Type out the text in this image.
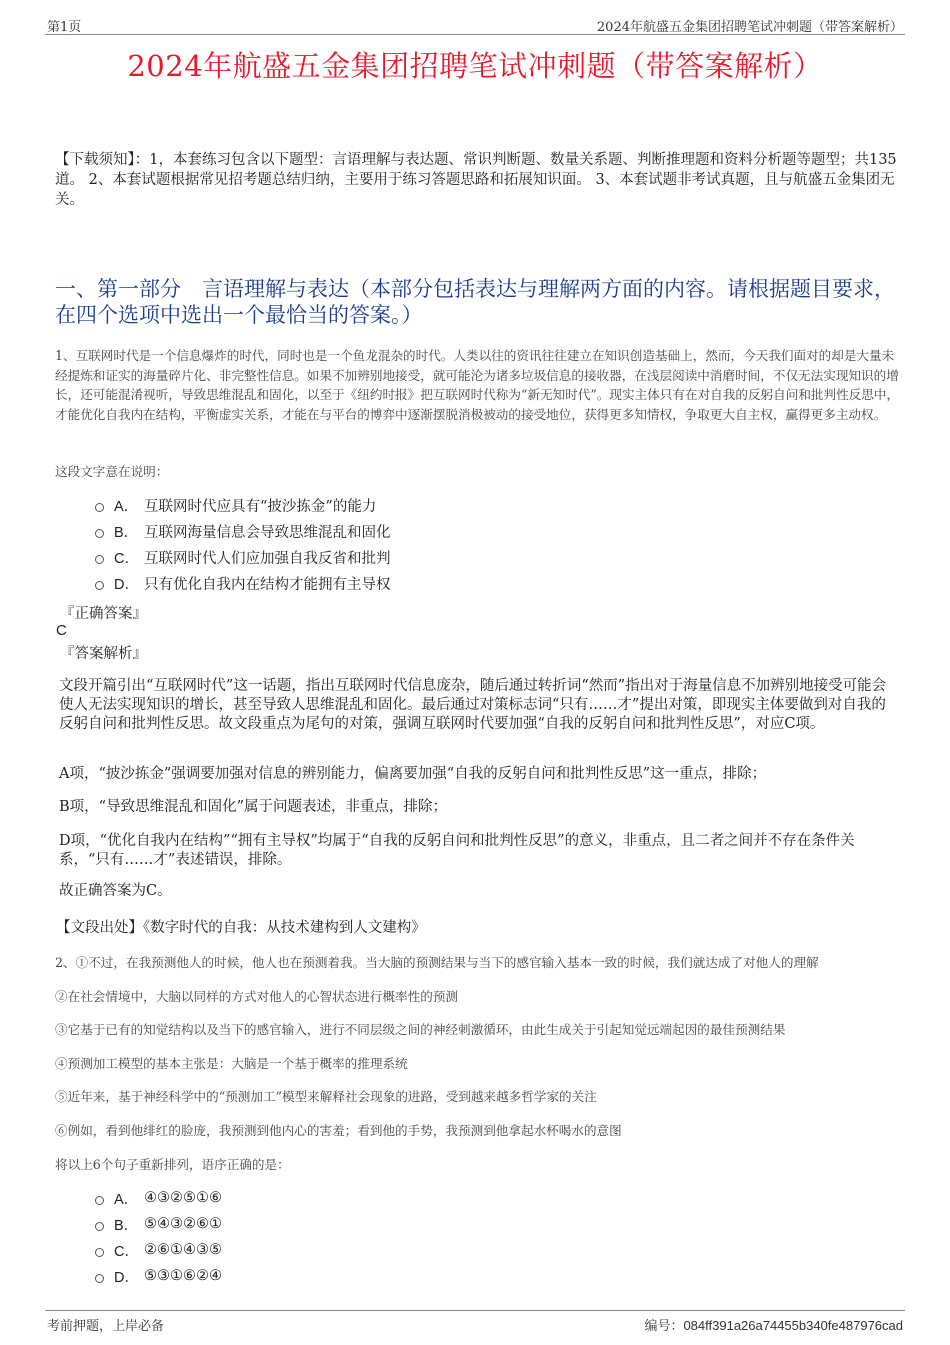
第1页	2024年航盛五金集团招聘笔试冲刺题（带答案解析）
2024年航盛五金集团招聘笔试冲刺题（带答案解析）
【下载须知】：1，本套练习包含以下题型：言语理解与表达题、常识判断题、数量关系题、判断推理题和资料分析题等题型；共135道。 2、本套试题根据常见招考题总结归纳，主要用于练习答题思路和拓展知识面。 3、本套试题非考试真题，且与航盛五金集团无关。
一、第一部分　言语理解与表达（本部分包括表达与理解两方面的内容。请根据题目要求，在四个选项中选出一个最恰当的答案。）
1、互联网时代是一个信息爆炸的时代，同时也是一个鱼龙混杂的时代。人类以往的资讯往往建立在知识创造基础上，然而，今天我们面对的却是大量未经提炼和证实的海量碎片化、非完整性信息。如果不加辨别地接受，就可能沦为诸多垃圾信息的接收器，在浅层阅读中消磨时间，不仅无法实现知识的增长，还可能混淆视听，导致思维混乱和固化，以至于《纽约时报》把互联网时代称为“新无知时代”。现实主体只有在对自我的反躬自问和批判性反思中，才能优化自我内在结构，平衡虚实关系，才能在与平台的博弈中逐渐摆脱消极被动的接受地位，获得更多知情权，争取更大自主权，赢得更多主动权。
这段文字意在说明：
A． 互联网时代应具有“披沙拣金”的能力
B． 互联网海量信息会导致思维混乱和固化
C． 互联网时代人们应加强自我反省和批判
D． 只有优化自我内在结构才能拥有主导权
『正确答案』
C
『答案解析』
文段开篇引出“互联网时代”这一话题，指出互联网时代信息庞杂，随后通过转折词“然而”指出对于海量信息不加辨别地接受可能会使人无法实现知识的增长，甚至导致人思维混乱和固化。最后通过对策标志词“只有……才”提出对策，即现实主体要做到对自我的反躬自问和批判性反思。故文段重点为尾句的对策，强调互联网时代要加强“自我的反躬自问和批判性反思”，对应C项。
A项，“披沙拣金”强调要加强对信息的辨别能力，偏离要加强“自我的反躬自问和批判性反思”这一重点，排除；
B项，“导致思维混乱和固化”属于问题表述，非重点，排除；
D项，“优化自我内在结构”“拥有主导权”均属于“自我的反躬自问和批判性反思”的意义，非重点，且二者之间并不存在条件关系，“只有……才”表述错误，排除。
故正确答案为C。
【文段出处】《数字时代的自我：从技术建构到人文建构》
2、①不过，在我预测他人的时候，他人也在预测着我。当大脑的预测结果与当下的感官输入基本一致的时候，我们就达成了对他人的理解
②在社会情境中，大脑以同样的方式对他人的心智状态进行概率性的预测
③它基于已有的知觉结构以及当下的感官输入，进行不同层级之间的神经刺激循环，由此生成关于引起知觉远端起因的最佳预测结果
④预测加工模型的基本主张是：大脑是一个基于概率的推理系统
⑤近年来，基于神经科学中的“预测加工”模型来解释社会现象的进路，受到越来越多哲学家的关注
⑥例如，看到他绯红的脸庞，我预测到他内心的害羞；看到他的手势，我预测到他拿起水杯喝水的意图
将以上6个句子重新排列，语序正确的是：
A． ④③②⑤①⑥
B． ⑤④③②⑥①
C． ②⑥①④③⑤
D． ⑤③①⑥②④
考前押题，上岸必备	编号：084ff391a26a74455b340fe487976cad
